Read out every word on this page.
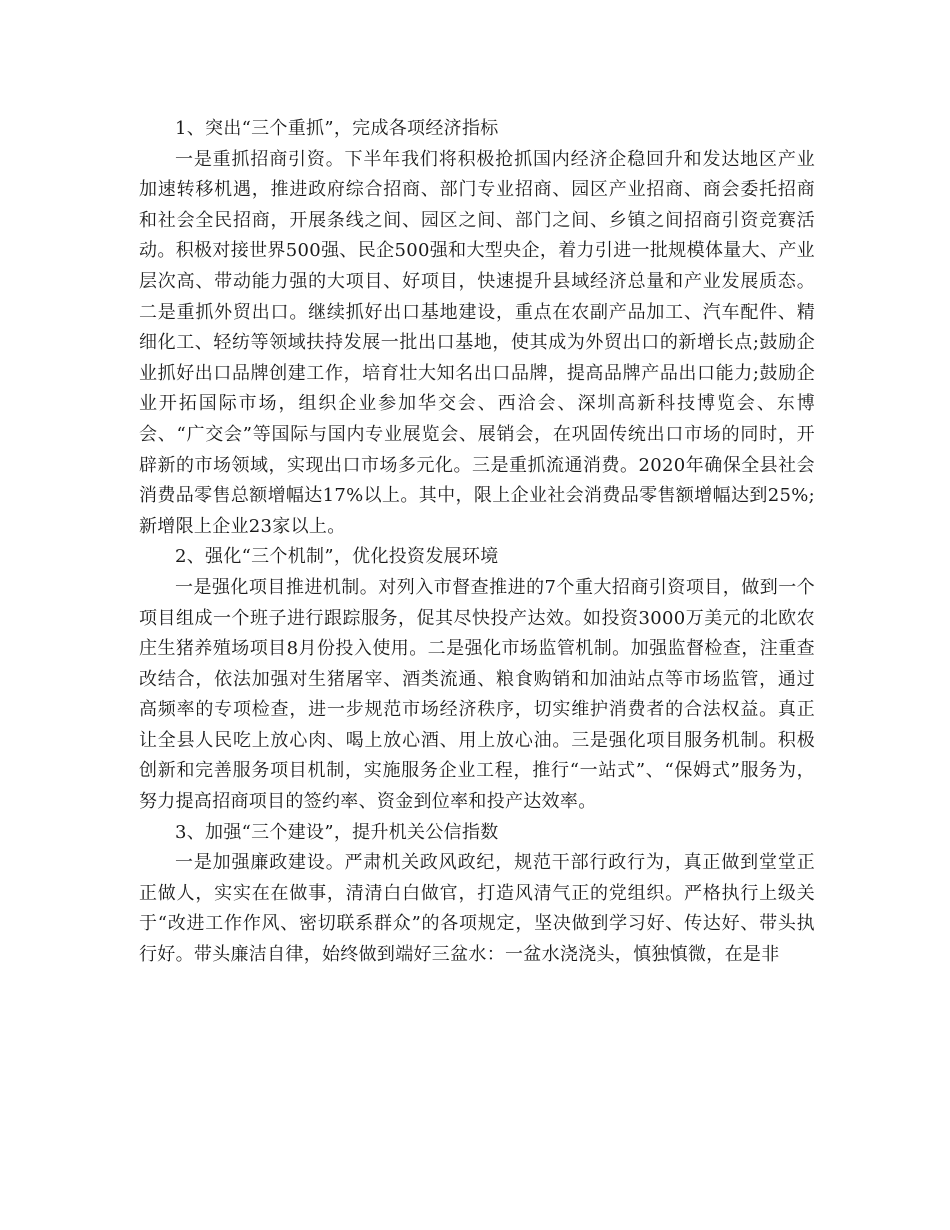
1、突出“三个重抓”，完成各项经济指标

一是重抓招商引资。下半年我们将积极抢抓国内经济企稳回升和发达地区产业加速转移机遇，推进政府综合招商、部门专业招商、园区产业招商、商会委托招商和社会全民招商，开展条线之间、园区之间、部门之间、乡镇之间招商引资竞赛活动。积极对接世界500强、民企500强和大型央企，着力引进一批规模体量大、产业层次高、带动能力强的大项目、好项目，快速提升县域经济总量和产业发展质态。二是重抓外贸出口。继续抓好出口基地建设，重点在农副产品加工、汽车配件、精细化工、轻纺等领域扶持发展一批出口基地，使其成为外贸出口的新增长点;鼓励企业抓好出口品牌创建工作，培育壮大知名出口品牌，提高品牌产品出口能力;鼓励企业开拓国际市场，组织企业参加华交会、西洽会、深圳高新科技博览会、东博会、“广交会”等国际与国内专业展览会、展销会，在巩固传统出口市场的同时，开辟新的市场领域，实现出口市场多元化。三是重抓流通消费。2020年确保全县社会消费品零售总额增幅达17%以上。其中，限上企业社会消费品零售额增幅达到25%;新增限上企业23家以上。

2、强化“三个机制”，优化投资发展环境

一是强化项目推进机制。对列入市督查推进的7个重大招商引资项目，做到一个项目组成一个班子进行跟踪服务，促其尽快投产达效。如投资3000万美元的北欧农庄生猪养殖场项目8月份投入使用。二是强化市场监管机制。加强监督检查，注重查改结合，依法加强对生猪屠宰、酒类流通、粮食购销和加油站点等市场监管，通过高频率的专项检查，进一步规范市场经济秩序，切实维护消费者的合法权益。真正让全县人民吃上放心肉、喝上放心酒、用上放心油。三是强化项目服务机制。积极创新和完善服务项目机制，实施服务企业工程，推行“一站式”、“保姆式”服务为，努力提高招商项目的签约率、资金到位率和投产达效率。

3、加强“三个建设”，提升机关公信指数

一是加强廉政建设。严肃机关政风政纪，规范干部行政行为，真正做到堂堂正正做人，实实在在做事，清清白白做官，打造风清气正的党组织。严格执行上级关于“改进工作作风、密切联系群众”的各项规定，坚决做到学习好、传达好、带头执行好。带头廉洁自律，始终做到端好三盆水：一盆水浇浇头，慎独慎微，在是非
